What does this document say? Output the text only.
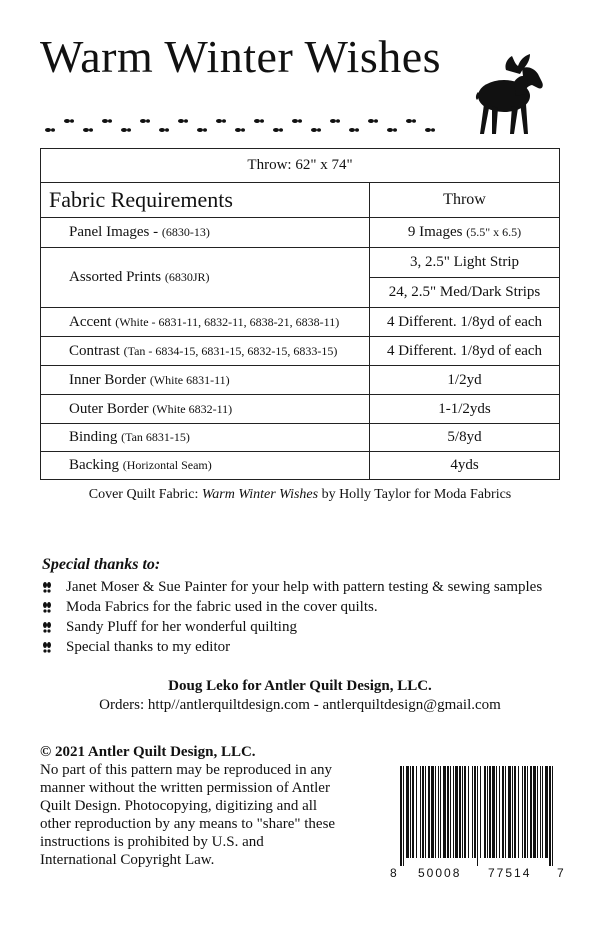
Warm Winter Wishes
Throw: 62" x 74"	
Fabric Requirements	Throw
Panel Images - (6830-13)	9 Images (5.5" x 6.5)
Assorted Prints (6830JR)	3, 2.5" Light Strip
	24, 2.5" Med/Dark Strips
Accent (White - 6831-11, 6832-11, 6838-21, 6838-11)	4 Different. 1/8yd of each
Contrast (Tan - 6834-15, 6831-15, 6832-15, 6833-15)	4 Different. 1/8yd of each
Inner Border (White 6831-11)	1/2yd
Outer Border (White 6832-11)	1-1/2yds
Binding (Tan 6831-15)	5/8yd
Backing (Horizontal Seam)	4yds
Cover Quilt Fabric: Warm Winter Wishes by Holly Taylor for Moda Fabrics
Special thanks to:
Janet Moser & Sue Painter for your help with pattern testing & sewing samples
Moda Fabrics for the fabric used in the cover quilts.
Sandy Pluff for her wonderful quilting
Special thanks to my editor
Doug Leko for Antler Quilt Design, LLC.
Orders: http//antlerquiltdesign.com - antlerquiltdesign@gmail.com
© 2021 Antler Quilt Design, LLC.
No part of this pattern may be reproduced in any manner without the written permission of Antler Quilt Design. Photocopying, digitizing and all other reproduction by any means to "share" these instructions is prohibited by U.S. and International Copyright Law.
8 50008 77514 7
